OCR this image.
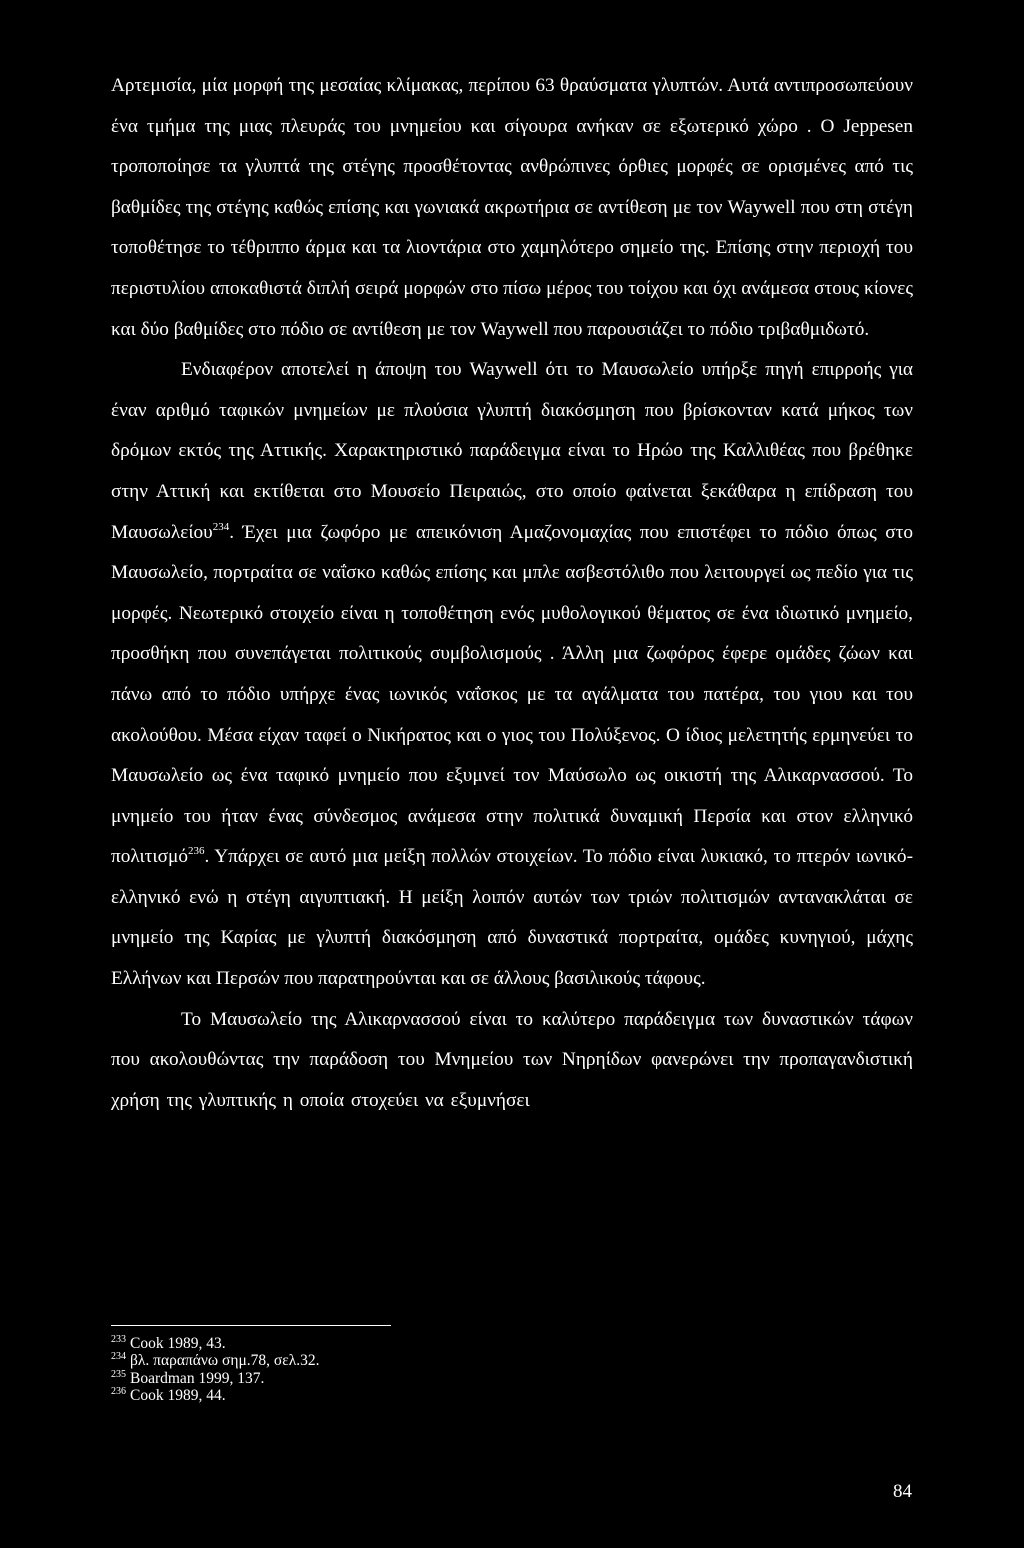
Αρτεμισία, μία μορφή της μεσαίας κλίμακας, περίπου 63 θραύσματα γλυπτών. Αυτά αντιπροσωπεύουν ένα τμήμα της μιας πλευράς του μνημείου και σίγουρα ανήκαν σε εξωτερικό χώρο . Ο Jeppesen τροποποίησε τα γλυπτά της στέγης προσθέτοντας ανθρώπινες όρθιες μορφές σε ορισμένες από τις βαθμίδες της στέγης καθώς επίσης και γωνιακά ακρωτήρια σε αντίθεση με τον Waywell που στη στέγη τοποθέτησε το τέθριππο άρμα και τα λιοντάρια στο χαμηλότερο σημείο της. Επίσης στην περιοχή του περιστυλίου αποκαθιστά διπλή σειρά μορφών στο πίσω μέρος του τοίχου και όχι ανάμεσα στους κίονες και δύο βαθμίδες στο πόδιο σε αντίθεση με τον Waywell που παρουσιάζει το πόδιο τριβαθμιδωτό.

Ενδιαφέρον αποτελεί η άποψη του Waywell ότι το Μαυσωλείο υπήρξε πηγή επιρροής για έναν αριθμό ταφικών μνημείων με πλούσια γλυπτή διακόσμηση που βρίσκονταν κατά μήκος των δρόμων εκτός της Αττικής. Χαρακτηριστικό παράδειγμα είναι το Ηρώο της Καλλιθέας που βρέθηκε στην Αττική και εκτίθεται στο Μουσείο Πειραιώς, στο οποίο φαίνεται ξεκάθαρα η επίδραση του Μαυσωλείου$^{234}$. Έχει μια ζωφόρο με απεικόνιση Αμαζονομαχίας που επιστέφει το πόδιο όπως στο Μαυσωλείο, πορτραίτα σε ναΐσκο καθώς επίσης και μπλε ασβεστόλιθο που λειτουργεί ως πεδίο για τις μορφές. Νεωτερικό στοιχείο είναι η τοποθέτηση ενός μυθολογικού θέματος σε ένα ιδιωτικό μνημείο, προσθήκη που συνεπάγεται πολιτικούς συμβολισμούς . Άλλη μια ζωφόρος έφερε ομάδες ζώων και πάνω από το πόδιο υπήρχε ένας ιωνικός ναΐσκος με τα αγάλματα του πατέρα, του γιου και του ακολούθου. Μέσα είχαν ταφεί ο Νικήρατος και ο γιος του Πολύξενος. Ο ίδιος μελετητής ερμηνεύει το Μαυσωλείο ως ένα ταφικό μνημείο που εξυμνεί τον Μαύσωλο ως οικιστή της Αλικαρνασσού. Το μνημείο του ήταν ένας σύνδεσμος ανάμεσα στην πολιτικά δυναμική Περσία και στον ελληνικό πολιτισμό$^{236}$. Υπάρχει σε αυτό μια μείξη πολλών στοιχείων. Το πόδιο είναι λυκιακό, το πτερόν ιωνικό-ελληνικό ενώ η στέγη αιγυπτιακή. Η μείξη λοιπόν αυτών των τριών πολιτισμών αντανακλάται σε μνημείο της Καρίας με γλυπτή διακόσμηση από δυναστικά πορτραίτα, ομάδες κυνηγιού, μάχης Ελλήνων και Περσών που παρατηρούνται και σε άλλους βασιλικούς τάφους.

Το Μαυσωλείο της Αλικαρνασσού είναι το καλύτερο παράδειγμα των δυναστικών τάφων που ακολουθώντας την παράδοση του Μνημείου των Νηρηίδων φανερώνει την προπαγανδιστική χρήση της γλυπτικής η οποία στοχεύει να εξυμνήσει

$^{233}$ Cook 1989, 43.
$^{234}$ βλ. παραπάνω σημ.78, σελ.32.
$^{235}$ Boardman 1999, 137.
$^{236}$ Cook 1989, 44.
84
